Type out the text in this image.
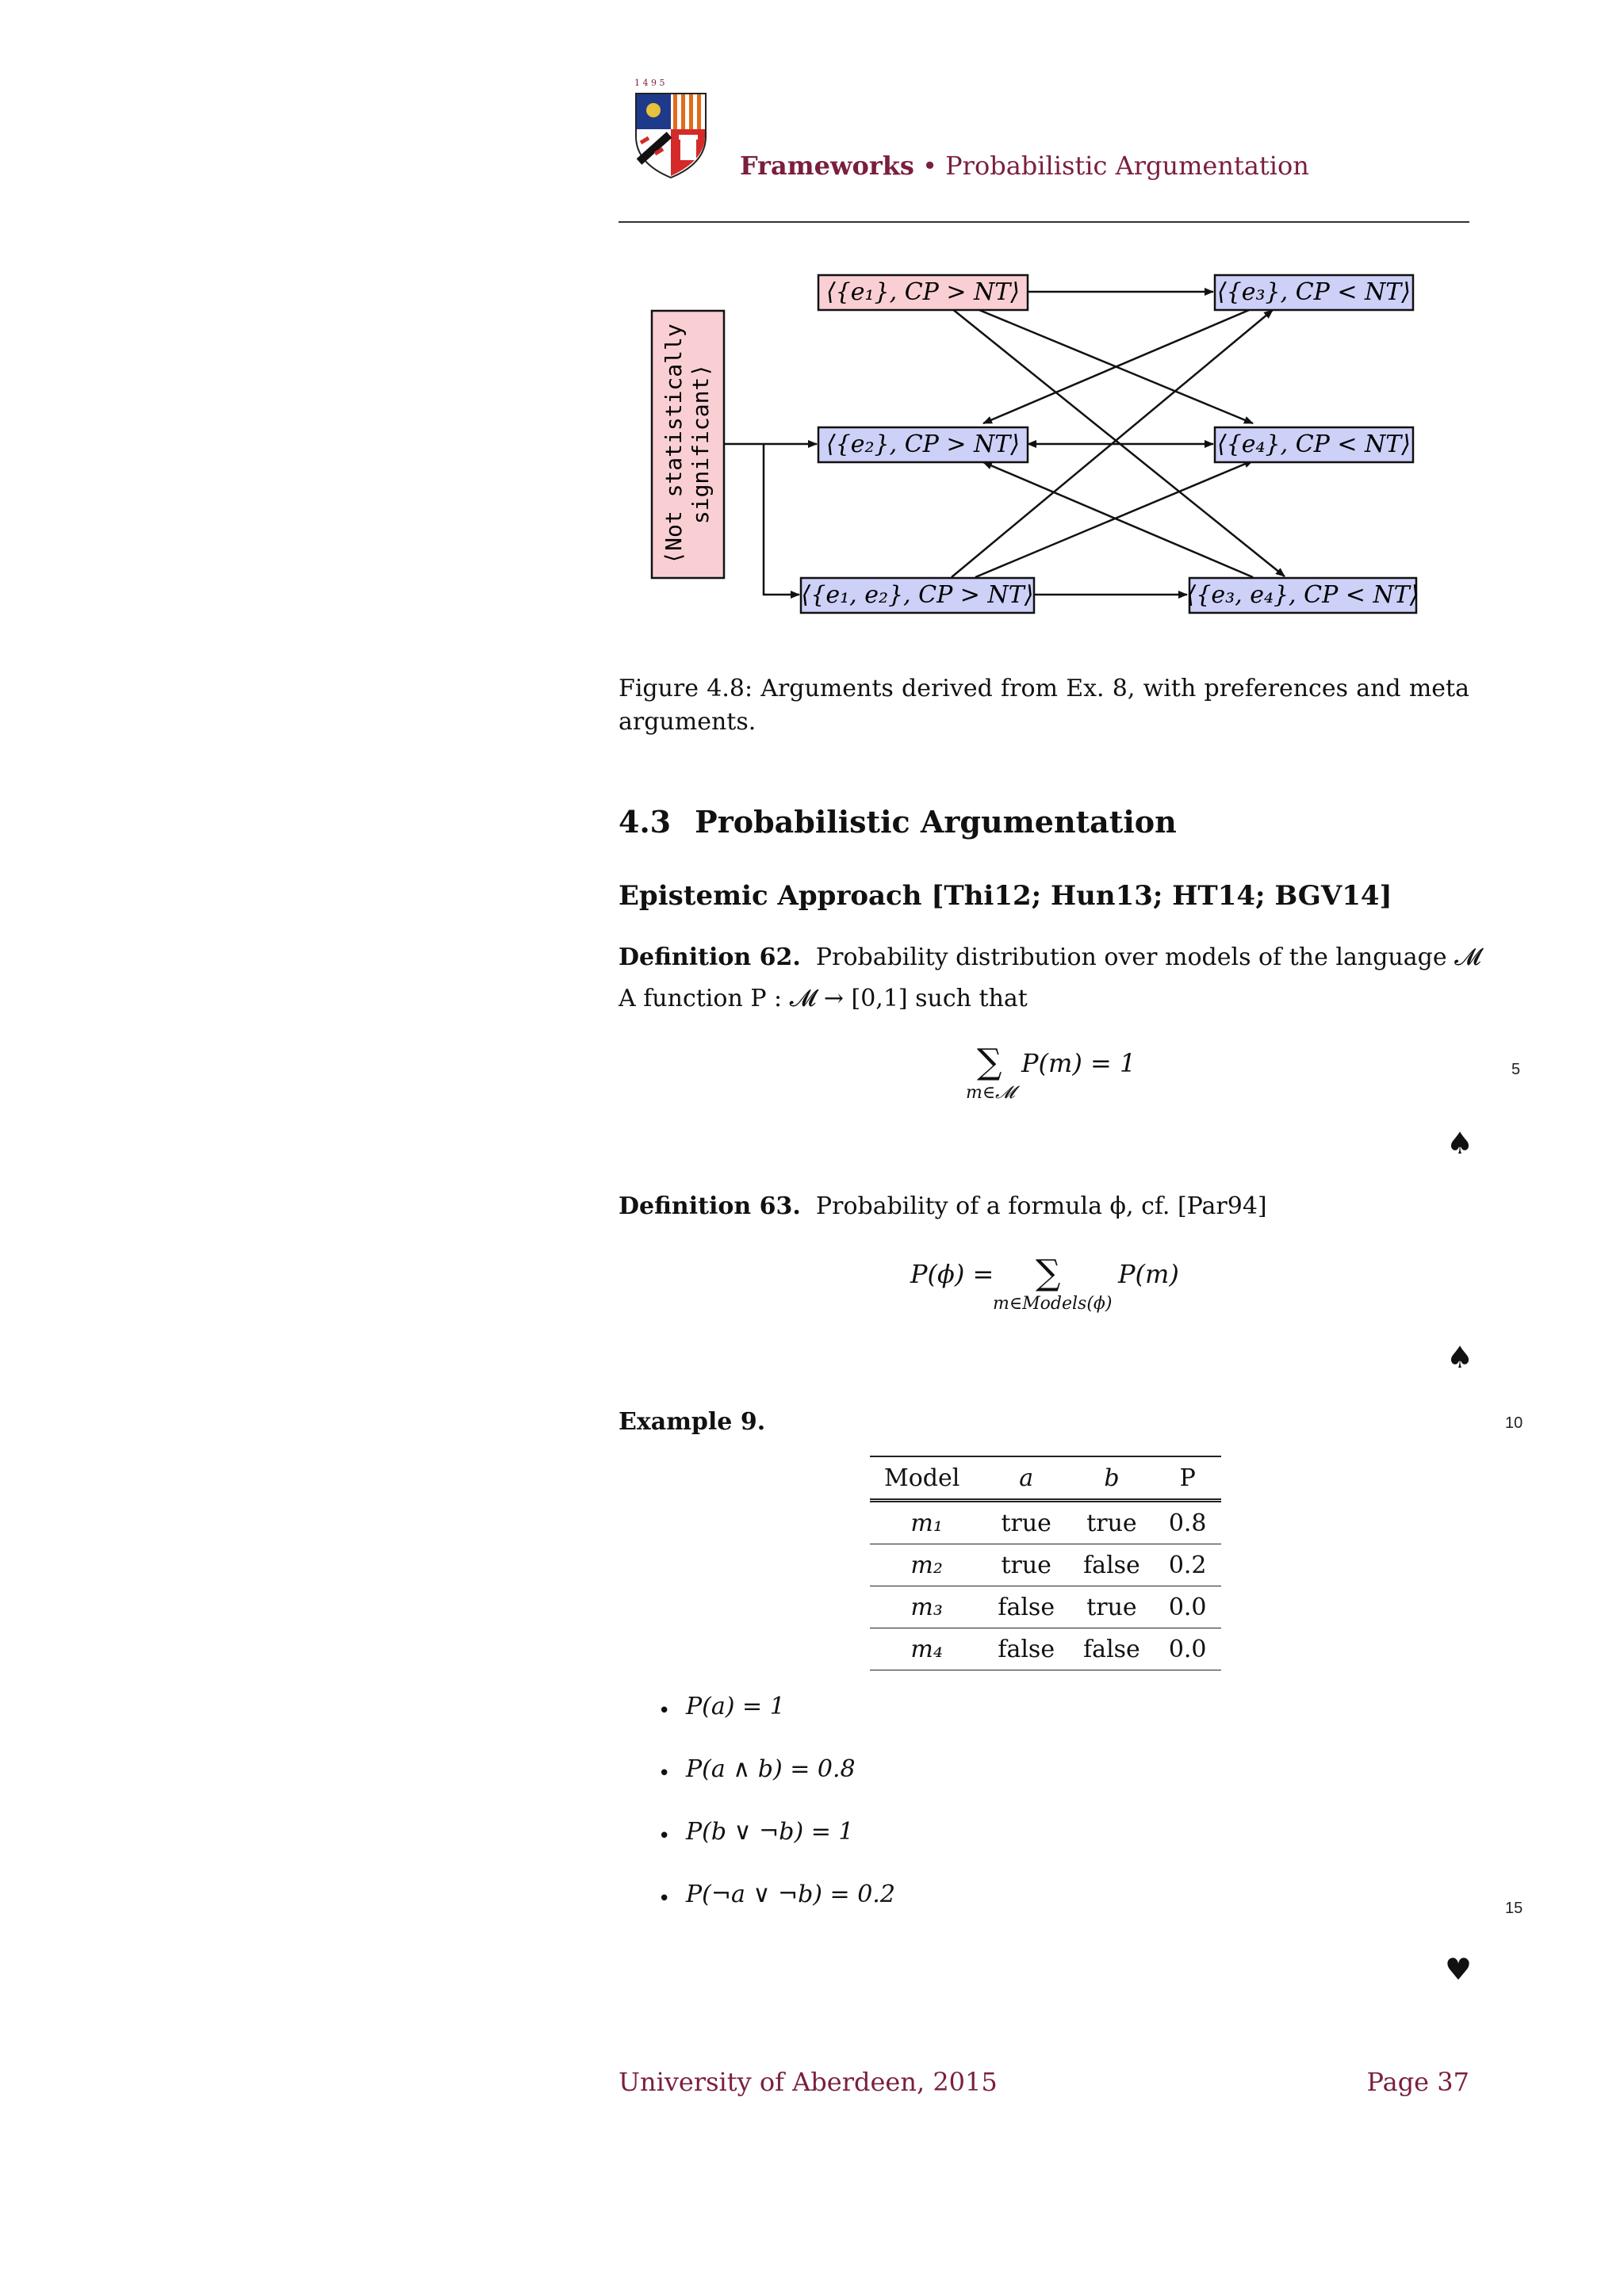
1 4 9 5
Frameworks • Probabilistic Argumentation
⟨Not statistically significant⟩
⟨{e₁}, CP > NT⟩	⟨{e₃}, CP < NT⟩
⟨{e₂}, CP > NT⟩	⟨{e₄}, CP < NT⟩
⟨{e₁, e₂}, CP > NT⟩	⟨{e₃, e₄}, CP < NT⟩
Figure 4.8: Arguments derived from Ex. 8, with preferences and meta arguments.
4.3 Probabilistic Argumentation
Epistemic Approach [Thi12; Hun13; HT14; BGV14]
Definition 62. Probability distribution over models of the language 𝓜
A function P : 𝓜 → [0,1] such that
∑ P(m) = 1
m∈𝓜
5
♠
Definition 63. Probability of a formula ϕ, cf. [Par94]
P(ϕ) = ∑ P(m)
m∈Models(ϕ)
♠
Example 9.	10
Model	a	b	P
m₁	true	true	0.8
m₂	true	false	0.2
m₃	false	true	0.0
m₄	false	false	0.0
• P(a) = 1
• P(a ∧ b) = 0.8
• P(b ∨ ¬b) = 1
• P(¬a ∨ ¬b) = 0.2	15
♥
University of Aberdeen, 2015	Page 37
